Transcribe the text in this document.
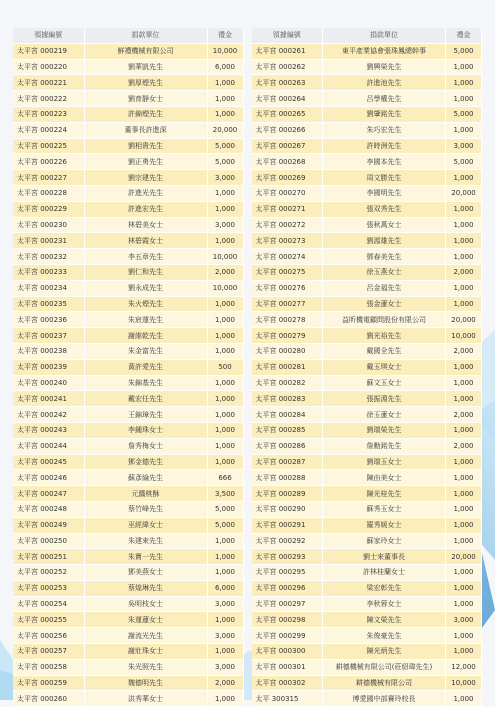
領據編號	捐款單位	禮金
太平宮 000219	鮮禮機械有限公司	10,000
太平宮 000220	劉華凱先生	6,000
太平宮 000221	劉厚煙先生	1,000
太平宮 000222	劉育靜女士	1,000
太平宮 000223	許錦煙先生	1,000
太平宮 000224	董事長許進深	20,000
太平宮 000225	劉相貴先生	5,000
太平宮 000226	劉正勇先生	5,000
太平宮 000227	劉宗建先生	3,000
太平宮 000228	許進光先生	1,000
太平宮 000229	許進宏先生	1,000
太平宮 000230	林碧美女士	3,000
太平宮 000231	林碧霞女士	1,000
太平宮 000232	李五章先生	10,000
太平宮 000233	劉仁和先生	2,000
太平宮 000234	劉永成先生	10,000
太平宮 000235	朱火煙先生	1,000
太平宮 000236	朱宸運先生	1,000
太平宮 000237	謝維乾先生	1,000
太平宮 000238	朱金富先生	1,000
太平宮 000239	黃許愛先生	500
太平宮 000240	朱錦基先生	1,000
太平宮 000241	戴宏任先生	1,000
太平宮 000242	王錦璋先生	1,000
太平宮 000243	李鍾珠女士	1,000
太平宮 000244	詹秀梅女士	1,000
太平宮 000245	鄧金德先生	1,000
太平宮 000246	蘇彥綸先生	666
太平宮 000247	元醬桃酥	3,500
太平宮 000248	蔡竹峰先生	5,000
太平宮 000249	巫經緯女士	5,000
太平宮 000250	朱建來先生	1,000
太平宮 000251	朱寶一先生	1,000
太平宮 000252	鄧美燕女士	1,000
太平宮 000253	蔡煌琳先生	6,000
太平宮 000254	吳明枝女士	3,000
太平宮 000255	朱運蓮女士	1,000
太平宮 000256	謝流光先生	3,000
太平宮 000257	謝壯珠女士	1,000
太平宮 000258	朱光照先生	3,000
太平宮 000259	魏德明先生	2,000
太平宮 000260	洪秀華女士	1,000
領據編號	捐款單位	禮金
太平宮 000261	東平產業協會張珠鳳總幹事	5,000
太平宮 000262	劉興榮先生	1,000
太平宮 000263	許進池先生	1,000
太平宮 000264	呂學權先生	1,000
太平宮 000265	劉肇銘先生	5,000
太平宮 000266	朱巧宏先生	1,000
太平宮 000267	許時洲先生	3,000
太平宮 000268	李國本先生	5,000
太平宮 000269	周文勝先生	1,000
太平宮 000270	李國明先生	20,000
太平宮 000271	張双秀先生	1,000
太平宮 000272	張秋萬女士	1,000
太平宮 000273	劉源雄先生	1,000
太平宮 000274	鄧春美先生	1,000
太平宮 000275	徐玉燕女士	2,000
太平宮 000276	呂金福先生	1,000
太平宮 000277	張金蓮女士	1,000
太平宮 000278	益昕機電顧問股份有限公司	20,000
太平宮 000279	劉光裕先生	10,000
太平宮 000280	戴國全先生	2,000
太平宮 000281	戴玉琪女士	1,000
太平宮 000282	蘇文玉女士	1,000
太平宮 000283	張振淵先生	1,000
太平宮 000284	徐玉蓮女士	2,000
太平宮 000285	劉瑞榮先生	1,000
太平宮 000286	詹勳銘先生	2,000
太平宮 000287	劉瑞玉女士	1,000
太平宮 000288	陳由美女士	1,000
太平宮 000289	陳光桂先生	1,000
太平宮 000290	蘇秀玉女士	1,000
太平宮 000291	羅秀媛女士	1,000
太平宮 000292	蘇家玲女士	1,000
太平宮 000293	劉士來董事長	20,000
太平宮 000295	許林桂蘭女士	1,000
太平宮 000296	梁宏彰先生	1,000
太平宮 000297	李秋蓉女士	1,000
太平宮 000298	陳文榮先生	3,000
太平宮 000299	朱俊豪先生	1,000
太平宮 000300	陳光炳先生	1,000
太平宮 000301	耕德機械有限公司(莊紹瑋先生)	12,000
太平宮 000302	耕德機械有限公司	10,000
太平 300315	博愛國中部賽玲校長	1,000
